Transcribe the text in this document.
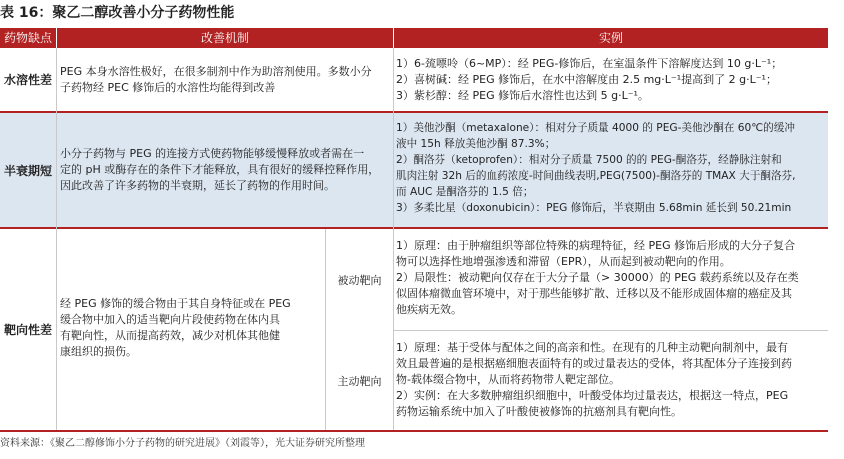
表 16：聚乙二醇改善小分子药物性能
药物缺点	改善机制	实例
水溶性差
PEG 本身水溶性极好，在很多制剂中作为助溶剂使用。多数小分
子药物经 PEC 修饰后的水溶性均能得到改善
1）6-巯嘌呤（6~MP）：经 PEG-修饰后，在室温条件下溶解度达到 10 g·L⁻¹；
2）喜树碱：经 PEG 修饰后，在水中溶解度由 2.5 mg·L⁻¹提高到了 2 g·L⁻¹；
3）紫杉醇：经 PEG 修饰后水溶性也达到 5 g·L⁻¹。
半衰期短
小分子药物与 PEG 的连接方式使药物能够缓慢释放或者需在一
定的 pH 或酶存在的条件下才能释放，具有很好的缓释控释作用，
因此改善了许多药物的半衰期，延长了药物的作用时间。
1）美他沙酮（metaxalone）：相对分子质量 4000 的 PEG-美他沙酮在 60℃的缓冲
液中 15h 释放美他沙酮 87.3%；
2）酮洛芬（ketoprofen）：相对分子质量 7500 的的 PEG-酮洛芬，经静脉注射和
肌肉注射 32h 后的血药浓度-时间曲线表明,PEG(7500)-酮洛芬的 TMAX 大于酮洛芬,
而 AUC 是酮洛芬的 1.5 倍；
3）多柔比星（doxonubicin）：PEG 修饰后，半衰期由 5.68min 延长到 50.21min
靶向性差
经 PEG 修饰的缓合物由于其自身特征或在 PEG
缓合物中加入的适当靶向片段使药物在体内具
有靶向性，从而提高药效，减少对机体其他健
康组织的损伤。
被动靶向
主动靶向
1）原理：由于肿瘤组织等部位特殊的病理特征，经 PEG 修饰后形成的大分子复合
物可以选择性地增强渗透和滞留（EPR），从而起到被动靶向的作用。
2）局限性：被动靶向仅存在于大分子量（> 30000）的 PEG 载药系统以及存在类
似固体瘤微血管环境中，对于那些能够扩散、迁移以及不能形成固体瘤的癌症及其
他疾病无效。
1）原理：基于受体与配体之间的高亲和性。在现有的几种主动靶向制剂中，最有
效且最普遍的是根据癌细胞表面特有的或过量表达的受体，将其配体分子连接到药
物-载体缀合物中，从而将药物带人靶定部位。
2）实例：在大多数肿瘤组织细胞中，叶酸受体均过量表达，根据这一特点，PEG
药物运输系统中加入了叶酸使被修饰的抗癌剂具有靶向性。
资料来源：《聚乙二醇修饰小分子药物的研究进展》（刘霞等），光大证券研究所整理
